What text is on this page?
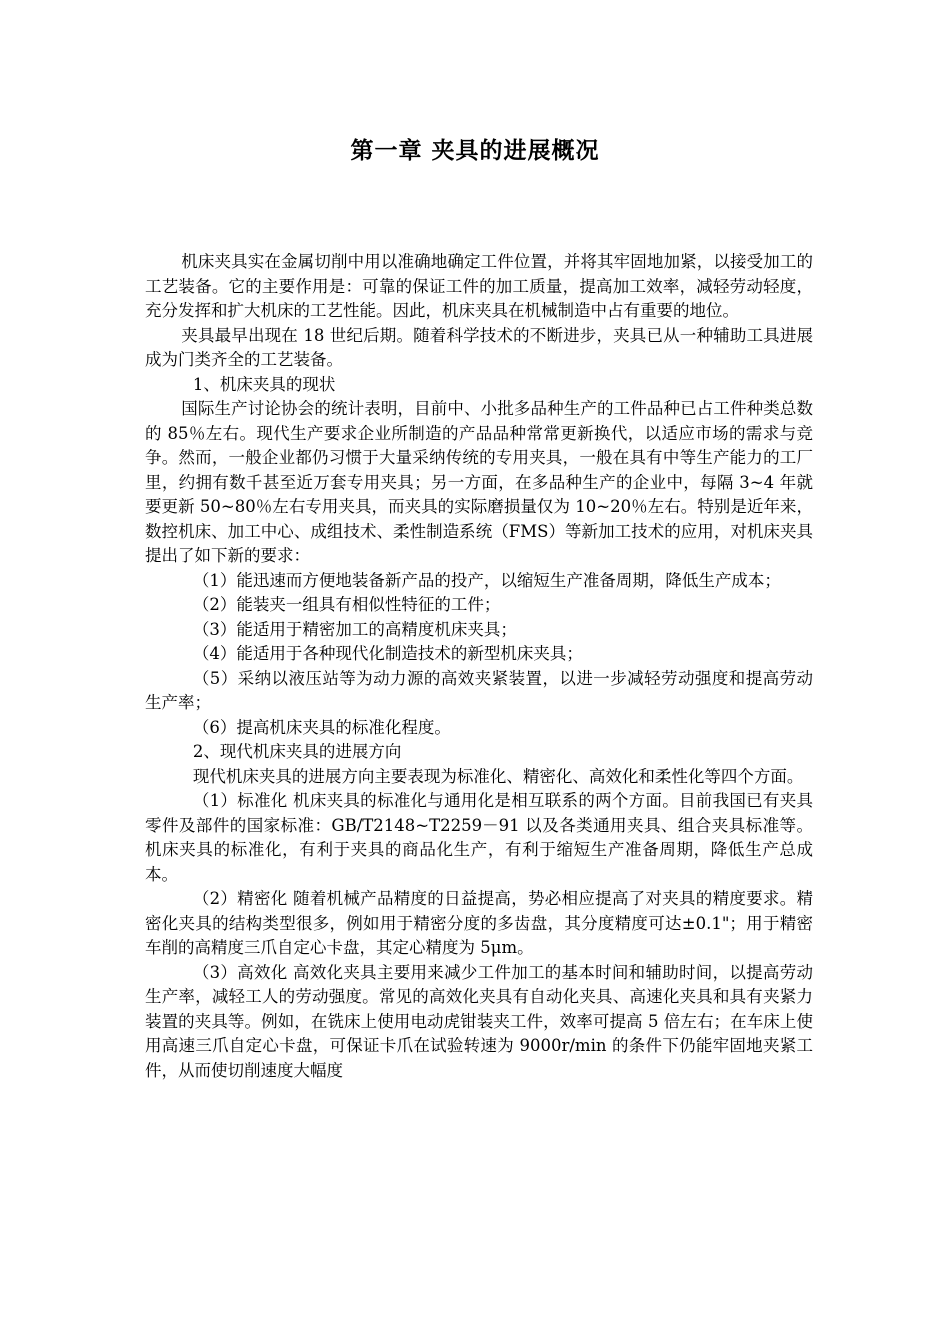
第一章 夹具的进展概况

机床夹具实在金属切削中用以准确地确定工件位置，并将其牢固地加紧，以接受加工的工艺装备。它的主要作用是：可靠的保证工件的加工质量，提高加工效率，减轻劳动轻度，充分发挥和扩大机床的工艺性能。因此，机床夹具在机械制造中占有重要的地位。

夹具最早出现在 18 世纪后期。随着科学技术的不断进步，夹具已从一种辅助工具进展成为门类齐全的工艺装备。

1、机床夹具的现状

国际生产讨论协会的统计表明，目前中、小批多品种生产的工件品种已占工件种类总数的 85％左右。现代生产要求企业所制造的产品品种常常更新换代，以适应市场的需求与竞争。然而，一般企业都仍习惯于大量采纳传统的专用夹具，一般在具有中等生产能力的工厂里，约拥有数千甚至近万套专用夹具；另一方面，在多品种生产的企业中，每隔 3~4 年就要更新 50~80％左右专用夹具，而夹具的实际磨损量仅为 10~20％左右。特别是近年来，数控机床、加工中心、成组技术、柔性制造系统（FMS）等新加工技术的应用，对机床夹具提出了如下新的要求：

（1）能迅速而方便地装备新产品的投产，以缩短生产准备周期，降低生产成本；

（2）能装夹一组具有相似性特征的工件；

（3）能适用于精密加工的高精度机床夹具；

（4）能适用于各种现代化制造技术的新型机床夹具；

（5）采纳以液压站等为动力源的高效夹紧装置，以进一步减轻劳动强度和提高劳动生产率；

（6）提高机床夹具的标准化程度。

2、现代机床夹具的进展方向

现代机床夹具的进展方向主要表现为标准化、精密化、高效化和柔性化等四个方面。

（1）标准化 机床夹具的标准化与通用化是相互联系的两个方面。目前我国已有夹具零件及部件的国家标准：GB/T2148~T2259－91 以及各类通用夹具、组合夹具标准等。机床夹具的标准化，有利于夹具的商品化生产，有利于缩短生产准备周期，降低生产总成本。

（2）精密化 随着机械产品精度的日益提高，势必相应提高了对夹具的精度要求。精密化夹具的结构类型很多，例如用于精密分度的多齿盘，其分度精度可达±0.1"；用于精密车削的高精度三爪自定心卡盘，其定心精度为 5μm。

（3）高效化 高效化夹具主要用来减少工件加工的基本时间和辅助时间，以提高劳动生产率，减轻工人的劳动强度。常见的高效化夹具有自动化夹具、高速化夹具和具有夹紧力装置的夹具等。例如，在铣床上使用电动虎钳装夹工件，效率可提高 5 倍左右；在车床上使用高速三爪自定心卡盘，可保证卡爪在试验转速为 9000r/min 的条件下仍能牢固地夹紧工件，从而使切削速度大幅度
